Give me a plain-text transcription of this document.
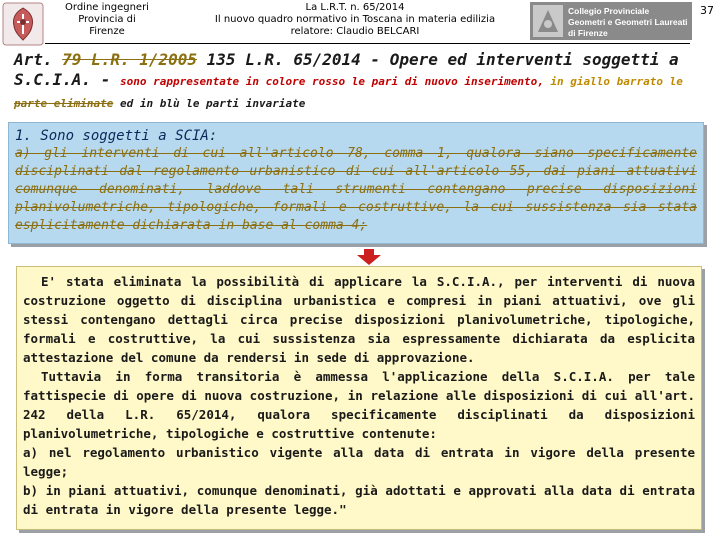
Ordine ingegneri
Provincia di
Firenze
La L.R.T. n. 65/2014
Il nuovo quadro normativo in Toscana in materia edilizia
relatore: Claudio BELCARI
Collegio Provinciale
Geometri e Geometri Laureati
di Firenze
37
Art. 79 L.R. 1/2005 135 L.R. 65/2014 - Opere ed interventi soggetti a S.C.I.A. - sono rappresentate in colore rosso le pari di nuovo inserimento, in giallo barrato le
parte eliminate ed in blù le parti invariate
1. Sono soggetti a SCIA:
a) gli interventi di cui all'articolo 78, comma 1, qualora siano specificamente disciplinati dal regolamento urbanistico di cui all'articolo 55, dai piani attuativi comunque denominati, laddove tali strumenti contengano precise disposizioni planivolumetriche, tipologiche, formali e costruttive, la cui sussistenza sia stata esplicitamente dichiarata in base al comma 4;

E' stata eliminata la possibilità di applicare la S.C.I.A., per interventi di nuova costruzione oggetto di disciplina urbanistica e compresi in piani attuativi, ove gli stessi contengano dettagli circa precise disposizioni planivolumetriche, tipologiche, formali e costruttive, la cui sussistenza sia espressamente dichiarata da esplicita attestazione del comune da rendersi in sede di approvazione.

Tuttavia in forma transitoria è ammessa l'applicazione della S.C.I.A. per tale fattispecie di opere di nuova costruzione, in relazione alle disposizioni di cui all'art. 242 della L.R. 65/2014, qualora specificamente disciplinati da disposizioni planivolumetriche, tipologiche e costruttive contenute:

a) nel regolamento urbanistico vigente alla data di entrata in vigore della presente legge;

b) in piani attuativi, comunque denominati, già adottati e approvati alla data di entrata di entrata in vigore della presente legge."
